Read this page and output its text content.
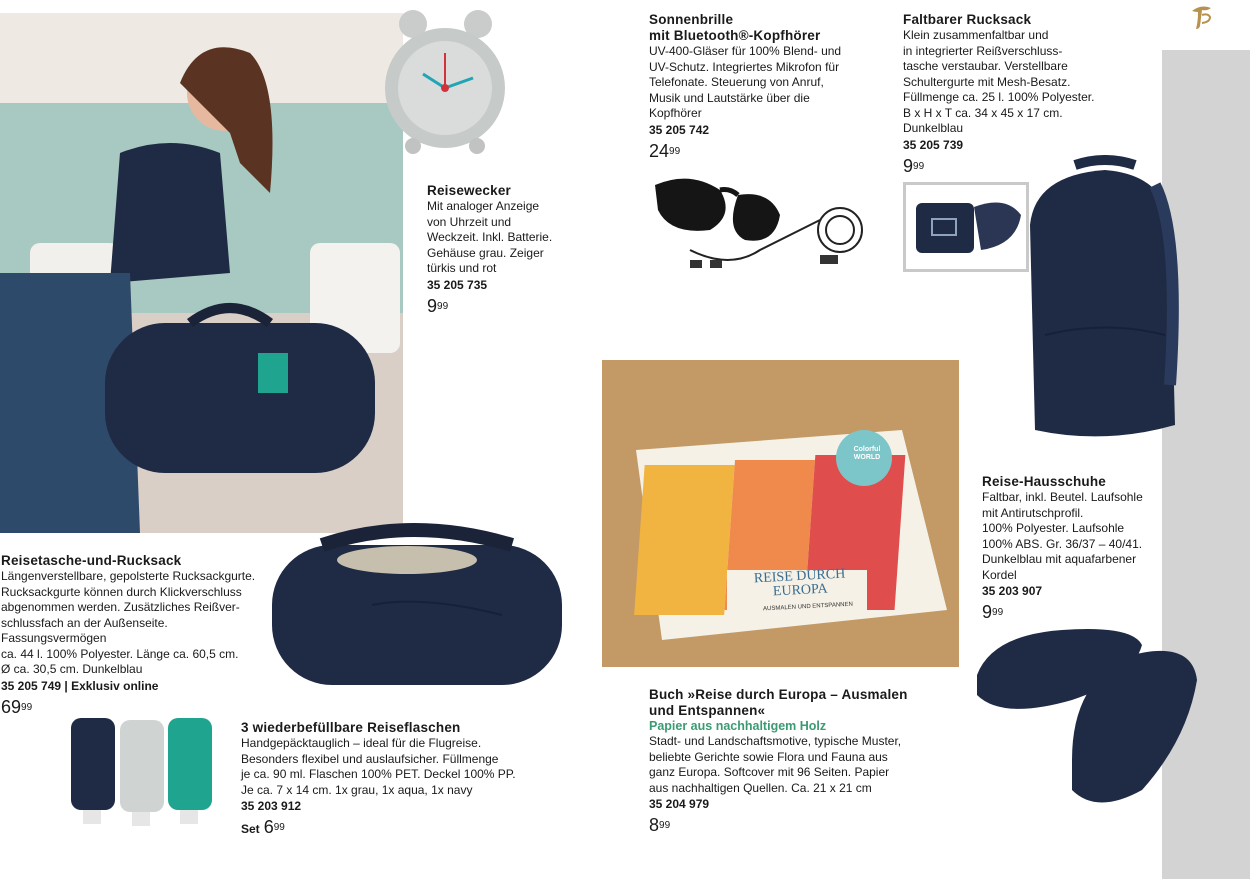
REISE DURCH
EUROPA
AUSMALEN UND ENTSPANNEN
Colorful WORLD

Reisewecker

Mit analoger Anzeige
von Uhrzeit und
Weckzeit. Inkl. Batterie.
Gehäuse grau. Zeiger
türkis und rot

35 205 735

$9^{99}$

Sonnenbrille
mit Bluetooth®-Kopfhörer

UV-400-Gläser für 100% Blend- und
UV-Schutz. Integriertes Mikrofon für
Telefonate. Steuerung von Anruf,
Musik und Lautstärke über die
Kopfhörer

35 205 742

$24^{99}$

Faltbarer Rucksack

Klein zusammenfaltbar und
in integrierter Reißverschluss-
tasche verstaubar. Verstellbare
Schultergurte mit Mesh-Besatz.
Füllmenge ca. 25 l. 100% Polyester.
B x H x T ca. 34 x 45 x 17 cm.
Dunkelblau

35 205 739

$9^{99}$

Reise-Hausschuhe

Faltbar, inkl. Beutel. Laufsohle
mit Antirutschprofil.
100% Polyester. Laufsohle
100% ABS. Gr. 36/37 – 40/41.
Dunkelblau mit aquafarbener
Kordel

35 203 907

$9^{99}$

Reisetasche-und-Rucksack

Längenverstellbare, gepolsterte Rucksackgurte.
Rucksackgurte können durch Klickverschluss
abgenommen werden. Zusätzliches Reißver-
schlussfach an der Außenseite. Fassungsvermögen
ca. 44 l. 100% Polyester. Länge ca. 60,5 cm.
Ø ca. 30,5 cm. Dunkelblau

35 205 749 | Exklusiv online

$69^{99}$

3 wiederbefüllbare Reiseflaschen

Handgepäcktauglich – ideal für die Flugreise.
Besonders flexibel und auslaufsicher. Füllmenge
je ca. 90 ml. Flaschen 100% PET. Deckel 100% PP.
Je ca. 7 x 14 cm. 1x grau, 1x aqua, 1x navy

35 203 912

Set $6^{99}$

Buch »Reise durch Europa – Ausmalen
und Entspannen«

Papier aus nachhaltigem Holz

Stadt- und Landschaftsmotive, typische Muster,
beliebte Gerichte sowie Flora und Fauna aus
ganz Europa. Softcover mit 96 Seiten. Papier
aus nachhaltigen Quellen. Ca. 21 x 21 cm

35 204 979

$8^{99}$
